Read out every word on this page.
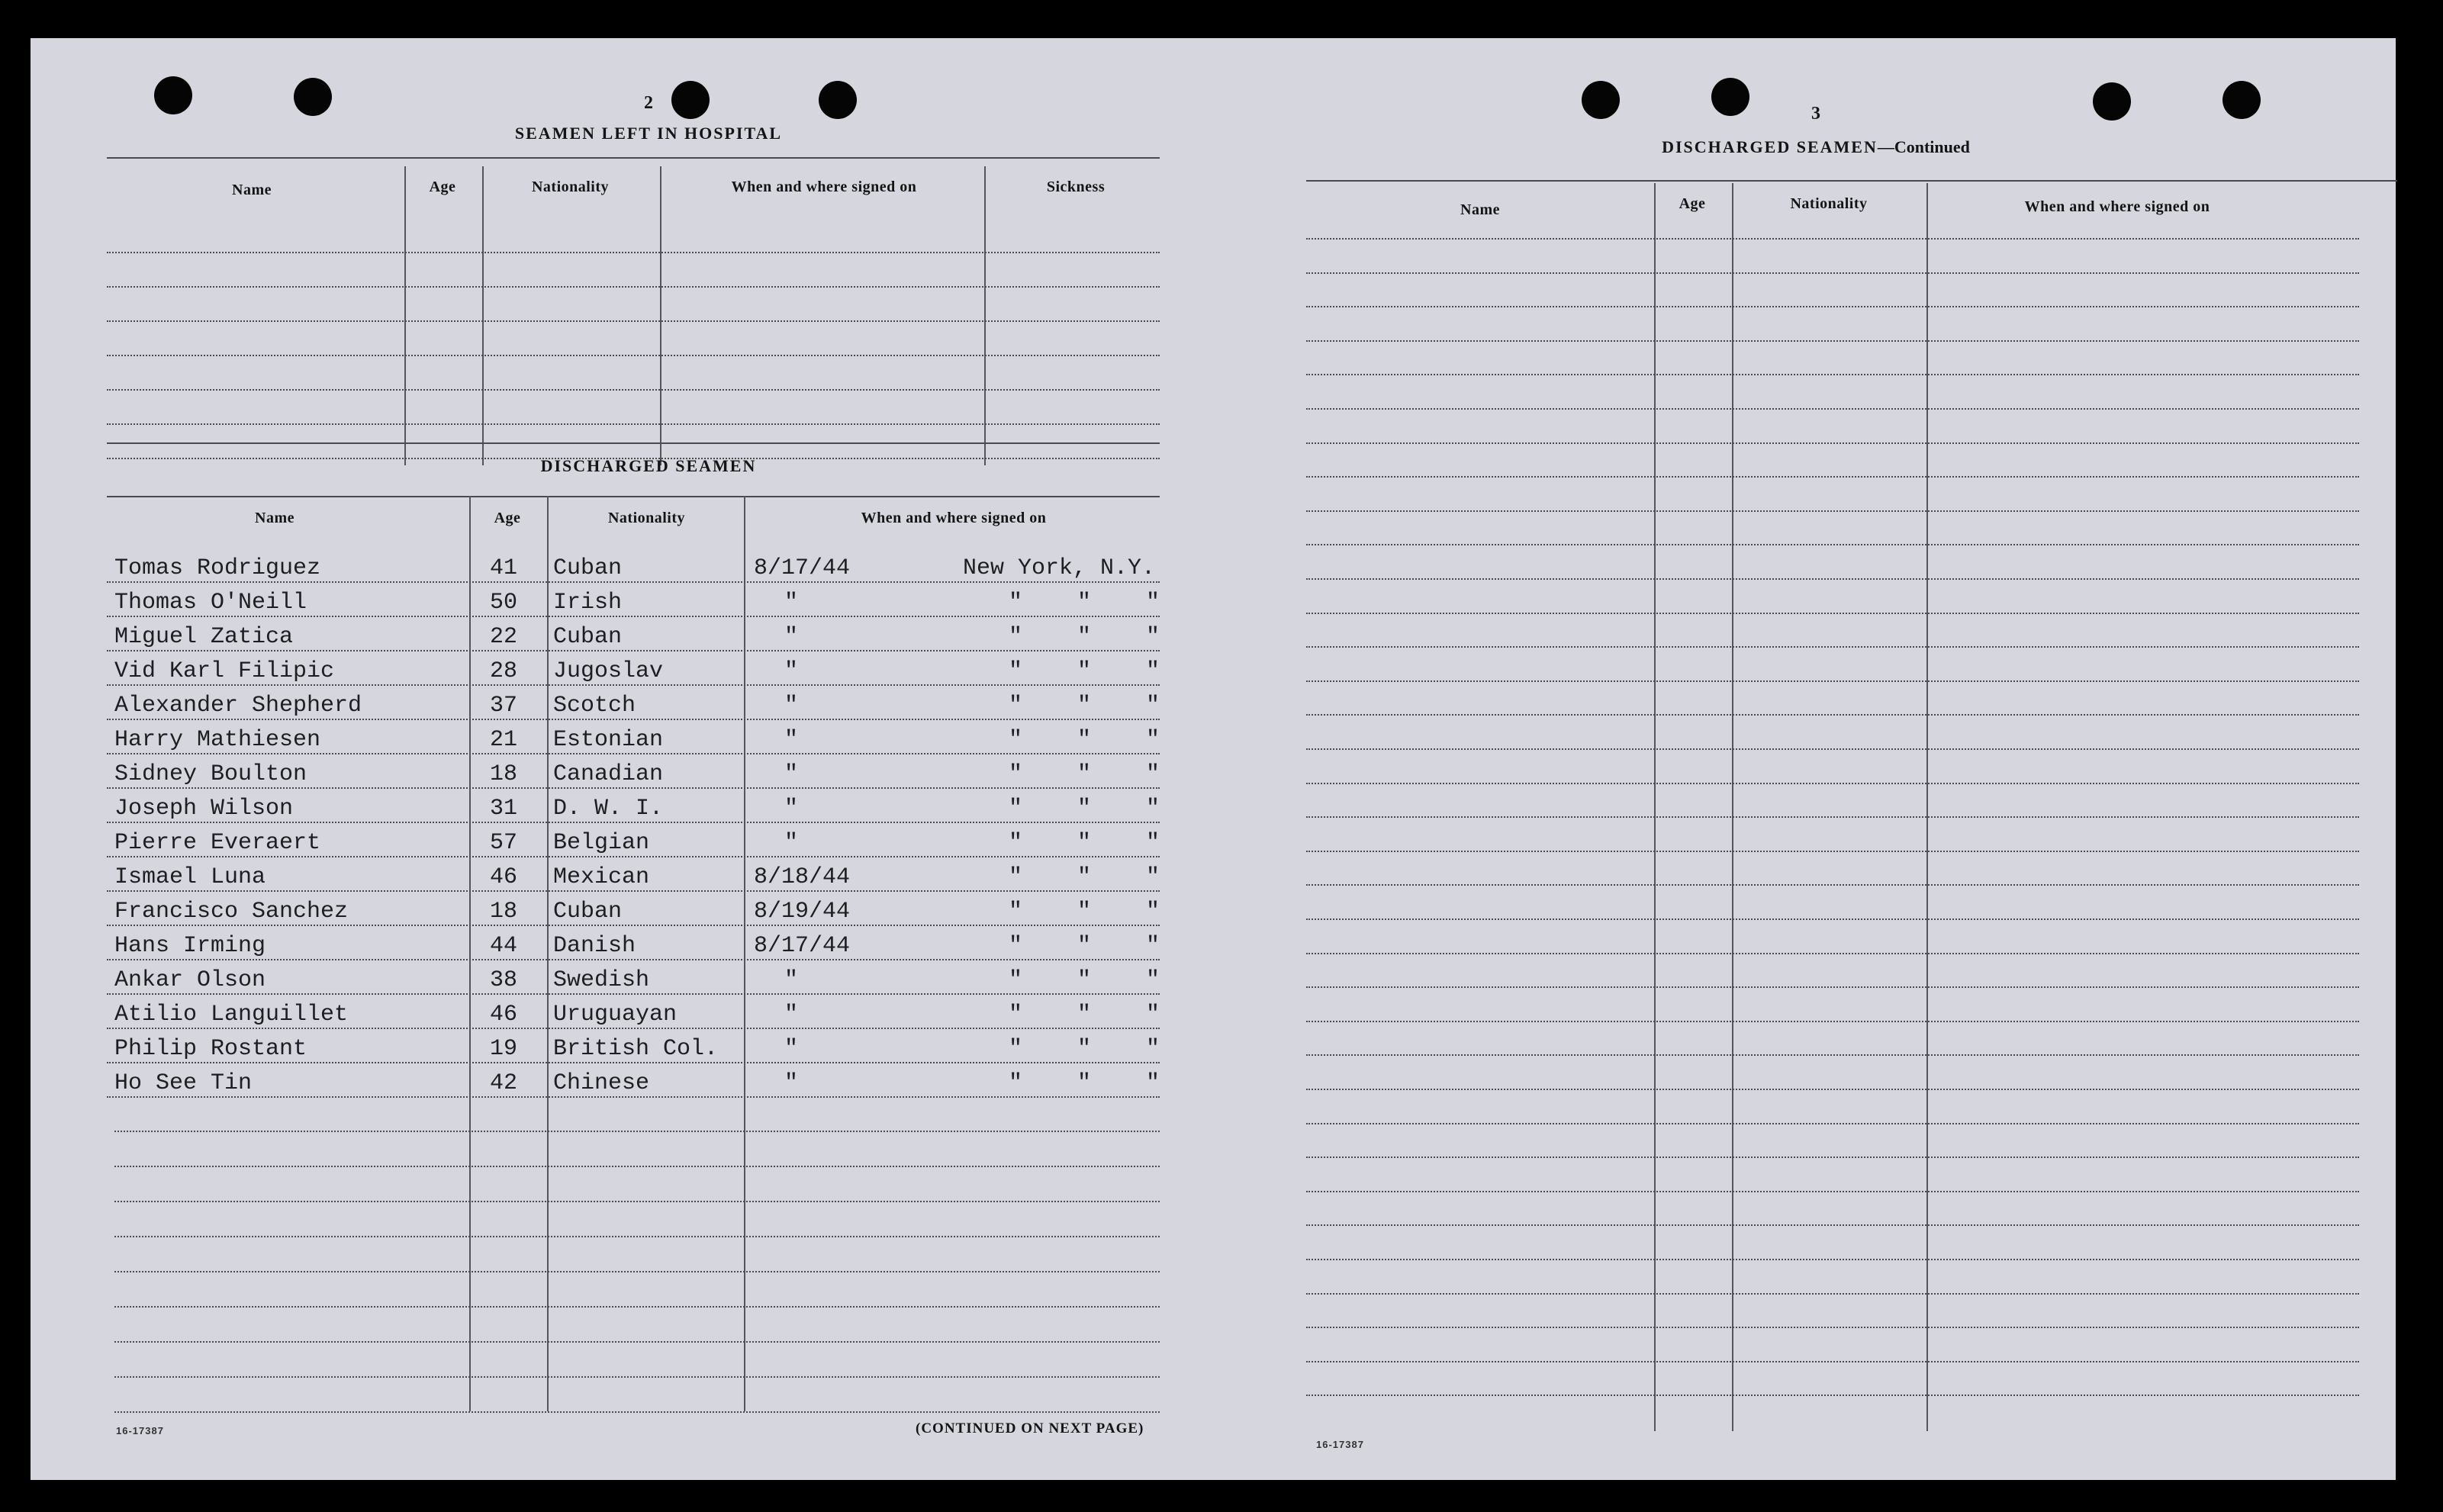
2
SEAMEN LEFT IN HOSPITAL
Name	Age	Nationality	When and where signed on	Sickness
DISCHARGED SEAMEN
Name	Age	Nationality	When and where signed on
Tomas Rodriguez	41 Cuban	8/17/44	New York, N.Y.
Thomas O'Neill	50 Irish	"	"    "    "
Miguel Zatica	22 Cuban	"	"    "    "
Vid Karl Filipic	28 Jugoslav	"	"    "    "
Alexander Shepherd	37 Scotch	"	"    "    "
Harry Mathiesen	21 Estonian	"	"    "    "
Sidney Boulton	18 Canadian	"	"    "    "
Joseph Wilson	31 D. W. I.	"	"    "    "
Pierre Everaert	57 Belgian	"	"    "    "
Ismael Luna	46 Mexican	8/18/44	"    "    "
Francisco Sanchez	18 Cuban	8/19/44	"    "    "
Hans Irming	44 Danish	8/17/44	"    "    "
Ankar Olson	38 Swedish	"	"    "    "
Atilio Languillet	46 Uruguayan	"	"    "    "
Philip Rostant	19 British Col.	"	"    "    "
Ho See Tin	42 Chinese	"	"    "    "
16-17387	(CONTINUED ON NEXT PAGE)
3
DISCHARGED SEAMEN—Continued
Name	Age	Nationality	When and where signed on
16-17387
